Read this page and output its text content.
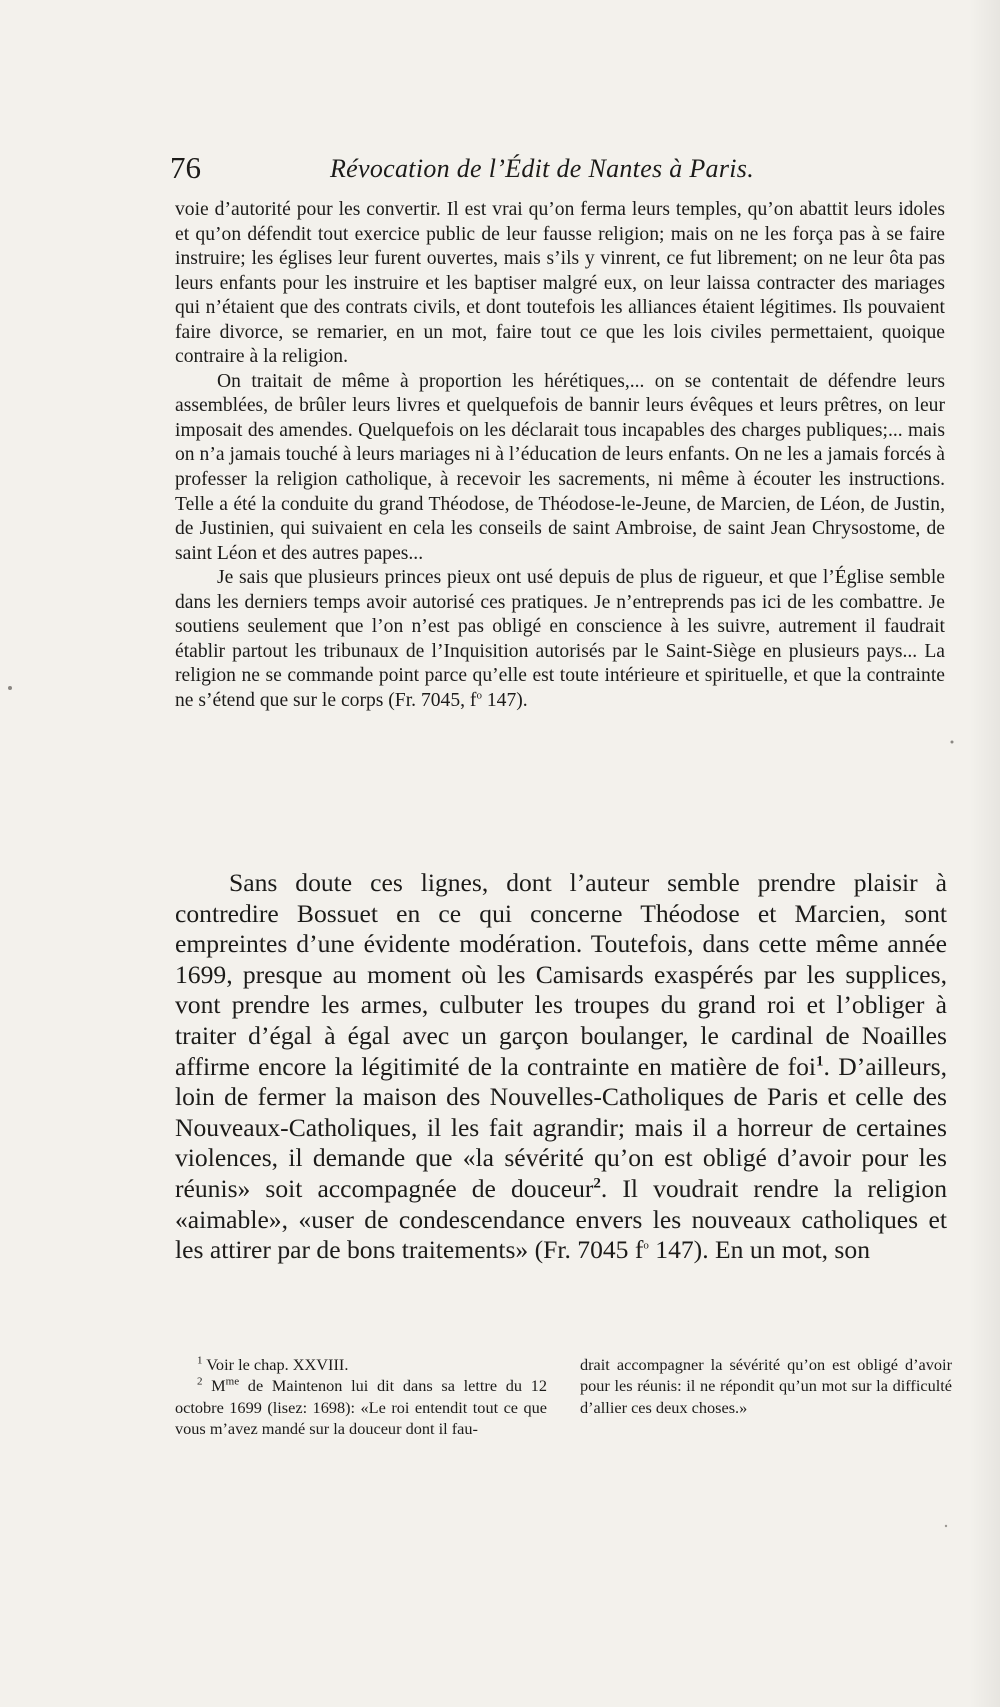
76	Révocation de l’Édit de Nantes à Paris.

voie d’autorité pour les convertir. Il est vrai qu’on ferma leurs temples, qu’on abattit leurs idoles et qu’on défendit tout exercice public de leur fausse religion; mais on ne les força pas à se faire instruire; les églises leur furent ouvertes, mais s’ils y vinrent, ce fut librement; on ne leur ôta pas leurs enfants pour les instruire et les baptiser malgré eux, on leur laissa contracter des mariages qui n’étaient que des contrats civils, et dont toutefois les alliances étaient légitimes. Ils pouvaient faire divorce, se remarier, en un mot, faire tout ce que les lois civiles permettaient, quoique contraire à la religion.

On traitait de même à proportion les hérétiques,... on se contentait de défendre leurs assemblées, de brûler leurs livres et quelquefois de bannir leurs évêques et leurs prêtres, on leur imposait des amendes. Quelquefois on les déclarait tous incapables des charges publiques;... mais on n’a jamais touché à leurs mariages ni à l’éducation de leurs enfants. On ne les a jamais forcés à professer la religion catholique, à recevoir les sacrements, ni même à écouter les instructions. Telle a été la conduite du grand Théodose, de Théodose-le-Jeune, de Marcien, de Léon, de Justin, de Justinien, qui suivaient en cela les conseils de saint Ambroise, de saint Jean Chrysostome, de saint Léon et des autres papes...

Je sais que plusieurs princes pieux ont usé depuis de plus de rigueur, et que l’Église semble dans les derniers temps avoir autorisé ces pratiques. Je n’entreprends pas ici de les combattre. Je soutiens seulement que l’on n’est pas obligé en conscience à les suivre, autrement il faudrait établir partout les tribunaux de l’Inquisition autorisés par le Saint-Siège en plusieurs pays... La religion ne se commande point parce qu’elle est toute intérieure et spirituelle, et que la contrainte ne s’étend que sur le corps (Fr. 7045, $f^o$ 147).

Sans doute ces lignes, dont l’auteur semble prendre plaisir à contredire Bossuet en ce qui concerne Théodose et Marcien, sont empreintes d’une évidente modération. Toutefois, dans cette même année 1699, presque au moment où les Camisards exaspérés par les supplices, vont prendre les armes, culbuter les troupes du grand roi et l’obliger à traiter d’égal à égal avec un garçon boulanger, le cardinal de Noailles affirme encore la légitimité de la contrainte en matière de foi$^1$. D’ailleurs, loin de fermer la maison des Nouvelles-Catholiques de Paris et celle des Nouveaux-Catholiques, il les fait agrandir; mais il a horreur de certaines violences, il demande que «la sévérité qu’on est obligé d’avoir pour les réunis» soit accompagnée de douceur$^2$. Il voudrait rendre la religion «aimable», «user de condescendance envers les nouveaux catholiques et les attirer par de bons traitements» (Fr. 7045 $f^o$ 147). En un mot, son

$^1$ Voir le chap. XXVIII.

$^2$ $M^{me}$ de Maintenon lui dit dans sa lettre du 12 octobre 1699 (lisez: 1698): «Le roi entendit tout ce que vous m’avez mandé sur la douceur dont il fau-

drait accompagner la sévérité qu’on est obligé d’avoir pour les réunis: il ne répondit qu’un mot sur la difficulté d’allier ces deux choses.»
